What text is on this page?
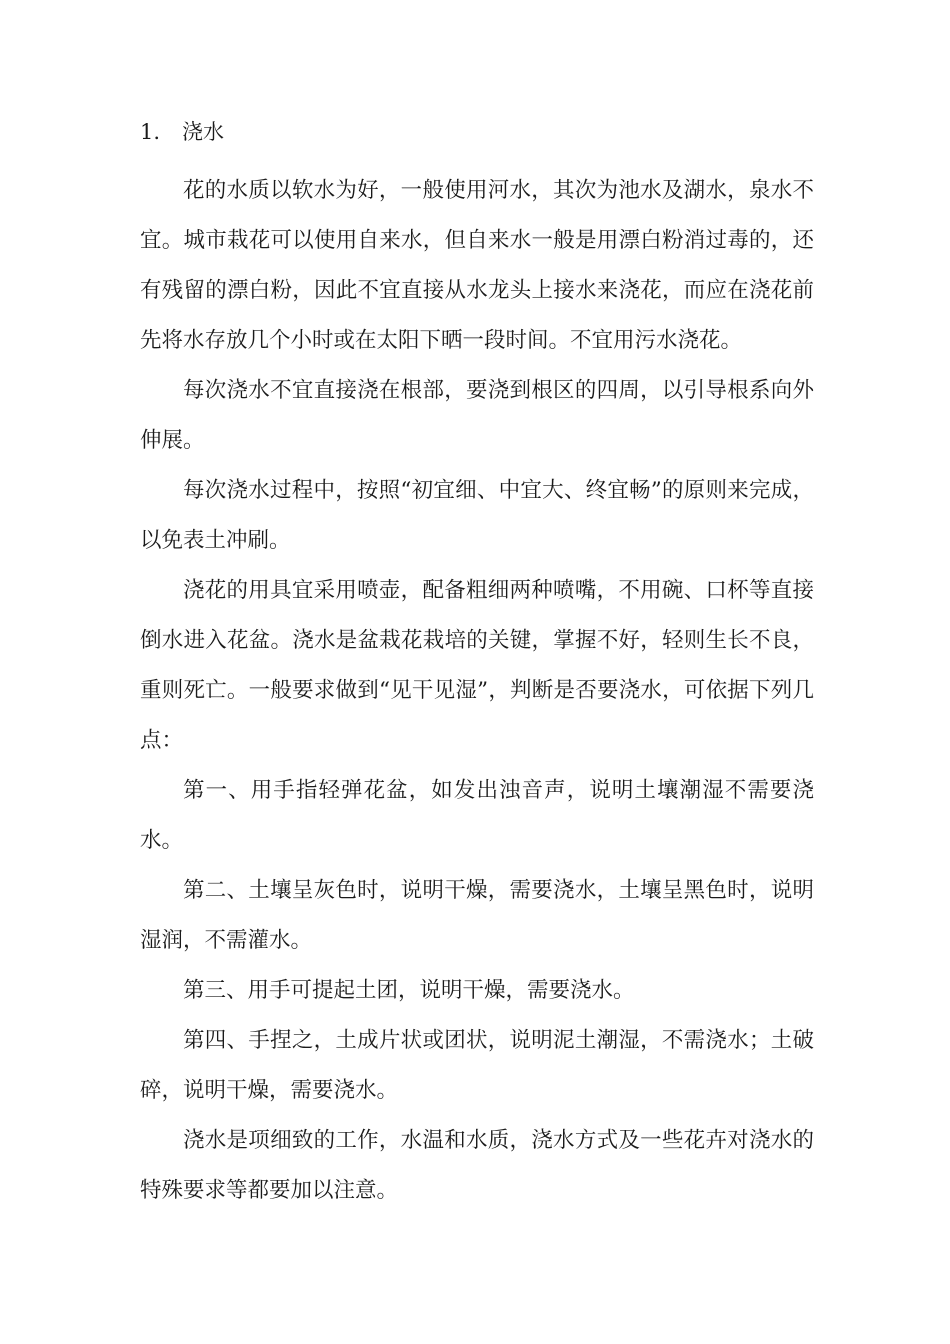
1. 浇水

花的水质以软水为好，一般使用河水，其次为池水及湖水，泉水不宜。城市栽花可以使用自来水，但自来水一般是用漂白粉消过毒的，还有残留的漂白粉，因此不宜直接从水龙头上接水来浇花，而应在浇花前先将水存放几个小时或在太阳下晒一段时间。不宜用污水浇花。

每次浇水不宜直接浇在根部，要浇到根区的四周，以引导根系向外伸展。

每次浇水过程中，按照“初宜细、中宜大、终宜畅”的原则来完成，以免表土冲刷。

浇花的用具宜采用喷壶，配备粗细两种喷嘴，不用碗、口杯等直接倒水进入花盆。浇水是盆栽花栽培的关键，掌握不好，轻则生长不良，重则死亡。一般要求做到“见干见湿”，判断是否要浇水，可依据下列几点：

第一、用手指轻弹花盆，如发出浊音声，说明土壤潮湿不需要浇水。

第二、土壤呈灰色时，说明干燥，需要浇水，土壤呈黑色时，说明湿润，不需灌水。

第三、用手可提起土团，说明干燥，需要浇水。

第四、手捏之，土成片状或团状，说明泥土潮湿，不需浇水；土破碎，说明干燥，需要浇水。

浇水是项细致的工作，水温和水质，浇水方式及一些花卉对浇水的特殊要求等都要加以注意。
